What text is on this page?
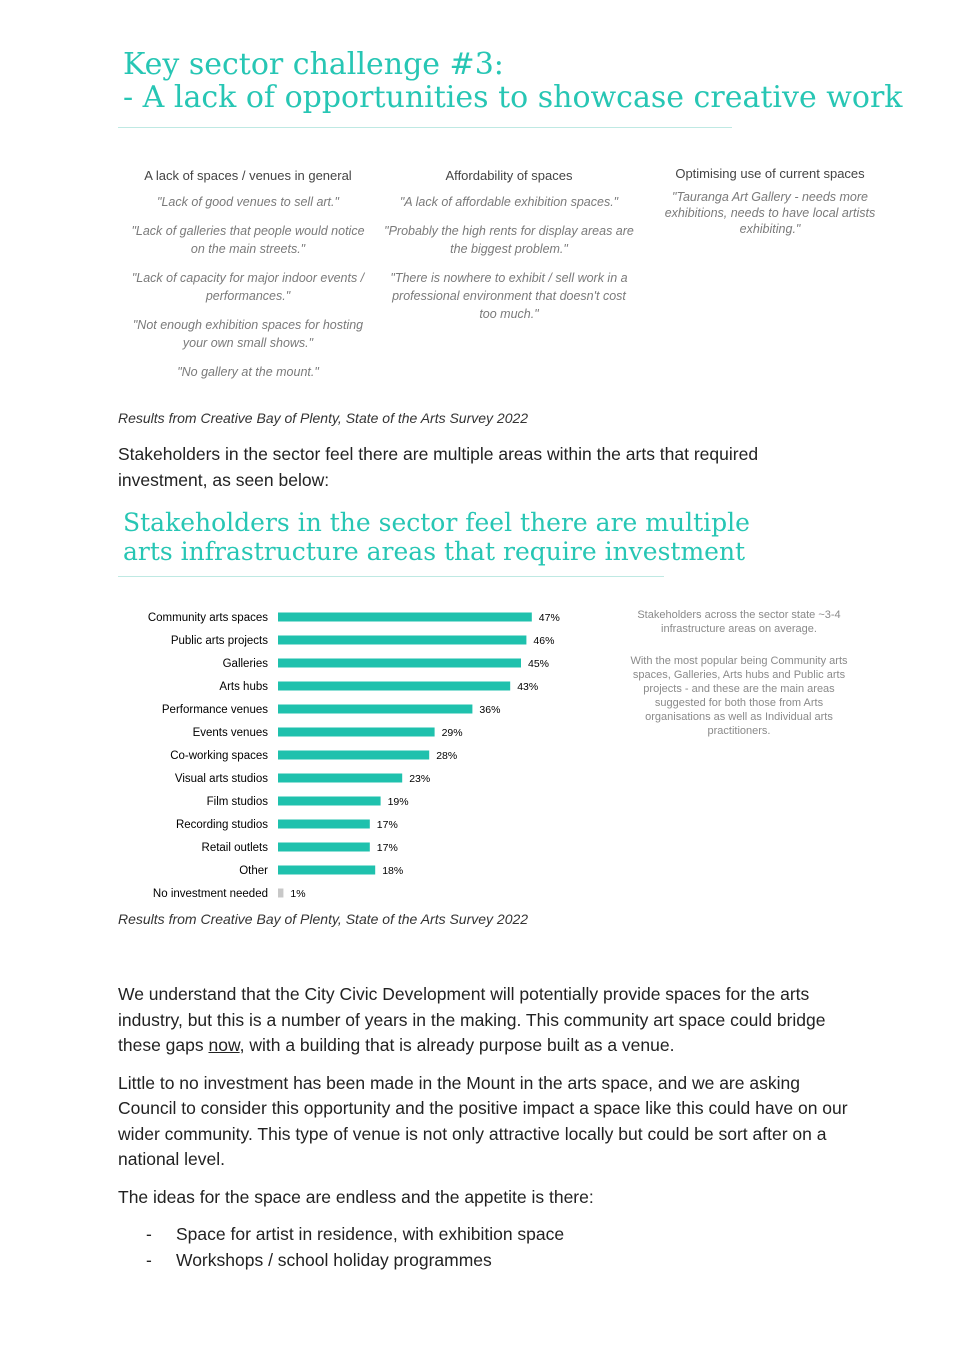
Key sector challenge #3:
- A lack of opportunities to showcase creative work

A lack of spaces / venues in general

"Lack of good venues to sell art."

"Lack of galleries that people would notice on the main streets."

"Lack of capacity for major indoor events / performances."

"Not enough exhibition spaces for hosting your own small shows."

"No gallery at the mount."

Affordability of spaces

"A lack of affordable exhibition spaces."

"Probably the high rents for display areas are the biggest problem."

"There is nowhere to exhibit / sell work in a professional environment that doesn't cost too much."

Optimising use of current spaces

"Tauranga Art Gallery - needs more exhibitions, needs to have local artists exhibiting."

Results from Creative Bay of Plenty, State of the Arts Survey 2022
Stakeholders in the sector feel there are multiple areas within the arts that required investment, as seen below:
Stakeholders in the sector feel there are multiple
arts infrastructure areas that require investment
Community arts spaces	47%
Public arts projects	46%
Galleries	45%
Arts hubs	43%
Performance venues	36%
Events venues	29%
Co-working spaces	28%
Visual arts studios	23%
Film studios	19%
Recording studios	17%
Retail outlets	17%
Other	18%
No investment needed 1%
Stakeholders across the sector state ~3-4 infrastructure areas on average.
With the most popular being Community arts spaces, Galleries, Arts hubs and Public arts projects - and these are the main areas suggested for both those from Arts organisations as well as Individual arts practitioners.
Results from Creative Bay of Plenty, State of the Arts Survey 2022

We understand that the City Civic Development will potentially provide spaces for the arts industry, but this is a number of years in the making. This community art space could bridge these gaps now, with a building that is already purpose built as a venue.

Little to no investment has been made in the Mount in the arts space, and we are asking Council to consider this opportunity and the positive impact a space like this could have on our wider community. This type of venue is not only attractive locally but could be sort after on a national level.

The ideas for the space are endless and the appetite is there:

- Space for artist in residence, with exhibition space
- Workshops / school holiday programmes
